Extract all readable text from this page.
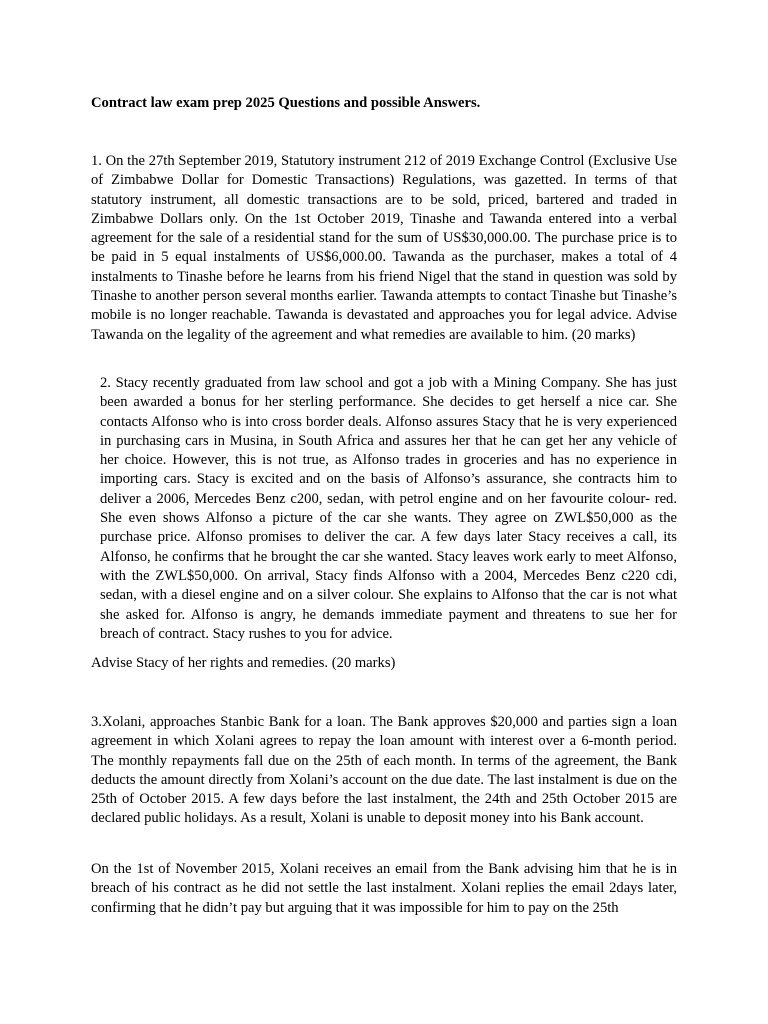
Contract law exam prep 2025 Questions and possible Answers.

1. On the 27th September 2019, Statutory instrument 212 of 2019 Exchange Control (Exclusive Use of Zimbabwe Dollar for Domestic Transactions) Regulations, was gazetted. In terms of that statutory instrument, all domestic transactions are to be sold, priced, bartered and traded in Zimbabwe Dollars only. On the 1st October 2019, Tinashe and Tawanda entered into a verbal agreement for the sale of a residential stand for the sum of US$30,000.00. The purchase price is to be paid in 5 equal instalments of US$6,000.00. Tawanda as the purchaser, makes a total of 4 instalments to Tinashe before he learns from his friend Nigel that the stand in question was sold by Tinashe to another person several months earlier. Tawanda attempts to contact Tinashe but Tinashe’s mobile is no longer reachable. Tawanda is devastated and approaches you for legal advice. Advise Tawanda on the legality of the agreement and what remedies are available to him. (20 marks)

2. Stacy recently graduated from law school and got a job with a Mining Company. She has just been awarded a bonus for her sterling performance. She decides to get herself a nice car. She contacts Alfonso who is into cross border deals. Alfonso assures Stacy that he is very experienced in purchasing cars in Musina, in South Africa and assures her that he can get her any vehicle of her choice. However, this is not true, as Alfonso trades in groceries and has no experience in importing cars. Stacy is excited and on the basis of Alfonso’s assurance, she contracts him to deliver a 2006, Mercedes Benz c200, sedan, with petrol engine and on her favourite colour- red. She even shows Alfonso a picture of the car she wants. They agree on ZWL$50,000 as the purchase price. Alfonso promises to deliver the car. A few days later Stacy receives a call, its Alfonso, he confirms that he brought the car she wanted. Stacy leaves work early to meet Alfonso, with the ZWL$50,000. On arrival, Stacy finds Alfonso with a 2004, Mercedes Benz c220 cdi, sedan, with a diesel engine and on a silver colour. She explains to Alfonso that the car is not what she asked for. Alfonso is angry, he demands immediate payment and threatens to sue her for breach of contract. Stacy rushes to you for advice.

Advise Stacy of her rights and remedies. (20 marks)

3.Xolani, approaches Stanbic Bank for a loan. The Bank approves $20,000 and parties sign a loan agreement in which Xolani agrees to repay the loan amount with interest over a 6-month period. The monthly repayments fall due on the 25th of each month. In terms of the agreement, the Bank deducts the amount directly from Xolani’s account on the due date. The last instalment is due on the 25th of October 2015. A few days before the last instalment, the 24th and 25th October 2015 are declared public holidays. As a result, Xolani is unable to deposit money into his Bank account.

On the 1st of November 2015, Xolani receives an email from the Bank advising him that he is in breach of his contract as he did not settle the last instalment. Xolani replies the email 2days later, confirming that he didn’t pay but arguing that it was impossible for him to pay on the 25th
